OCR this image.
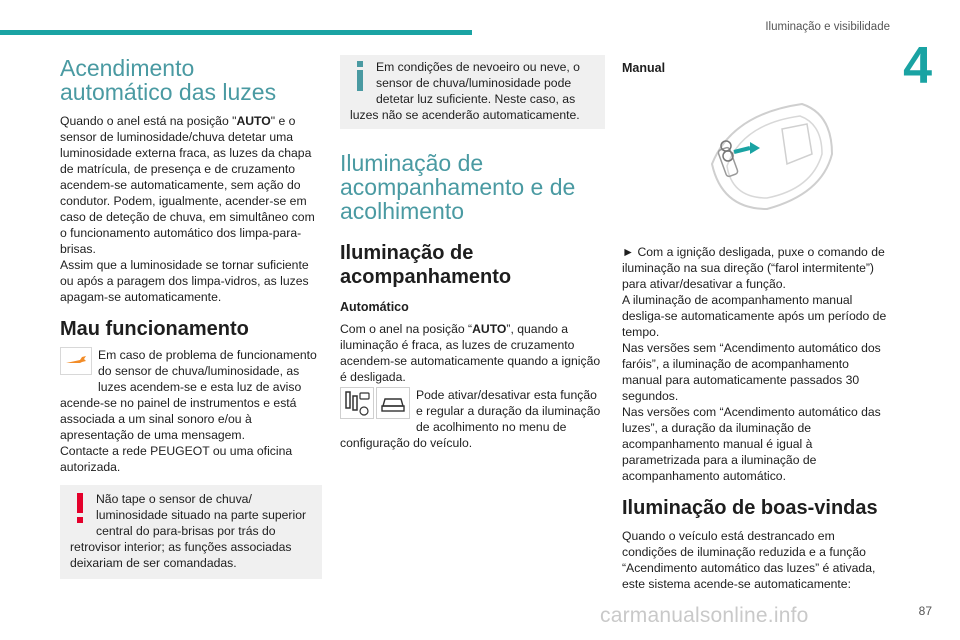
Iluminação e visibilidade
4
Acendimento automático das luzes

Quando o anel está na posição "AUTO" e o sensor de luminosidade/chuva detetar uma luminosidade externa fraca, as luzes da chapa de matrícula, de presença e de cruzamento acendem-se automaticamente, sem ação do condutor. Podem, igualmente, acender-se em caso de deteção de chuva, em simultâneo com o funcionamento automático dos limpa-para-brisas.

Assim que a luminosidade se tornar suficiente ou após a paragem dos limpa-vidros, as luzes apagam-se automaticamente.

Mau funcionamento

Em caso de problema de funcionamento do sensor de chuva/luminosidade, as luzes acendem-se e esta luz de aviso acende-se no painel de instrumentos e está associada a um sinal sonoro e/ou à apresentação de uma mensagem.

Contacte a rede PEUGEOT ou uma oficina autorizada.

Não tape o sensor de chuva/ luminosidade situado na parte superior central do para-brisas por trás do retrovisor interior; as funções associadas deixariam de ser comandadas.

Em condições de nevoeiro ou neve, o sensor de chuva/luminosidade pode detetar luz suficiente. Neste caso, as luzes não se acenderão automaticamente.

Iluminação de acompanhamento e de acolhimento
Iluminação de acompanhamento

Automático

Com o anel na posição “AUTO”, quando a iluminação é fraca, as luzes de cruzamento acendem-se automaticamente quando a ignição é desligada.

Pode ativar/desativar esta função e regular a duração da iluminação de acolhimento no menu de configuração do veículo.

Manual

► Com a ignição desligada, puxe o comando de iluminação na sua direção (“farol intermitente”) para ativar/desativar a função.

A iluminação de acompanhamento manual desliga-se automaticamente após um período de tempo.

Nas versões sem “Acendimento automático dos faróis”, a iluminação de acompanhamento manual para automaticamente passados 30 segundos.

Nas versões com “Acendimento automático das luzes”, a duração da iluminação de acompanhamento manual é igual à parametrizada para a iluminação de acompanhamento automático.

Iluminação de boas-vindas

Quando o veículo está destrancado em condições de iluminação reduzida e a função “Acendimento automático das luzes” é ativada, este sistema acende-se automaticamente:

carmanualsonline.info	87
